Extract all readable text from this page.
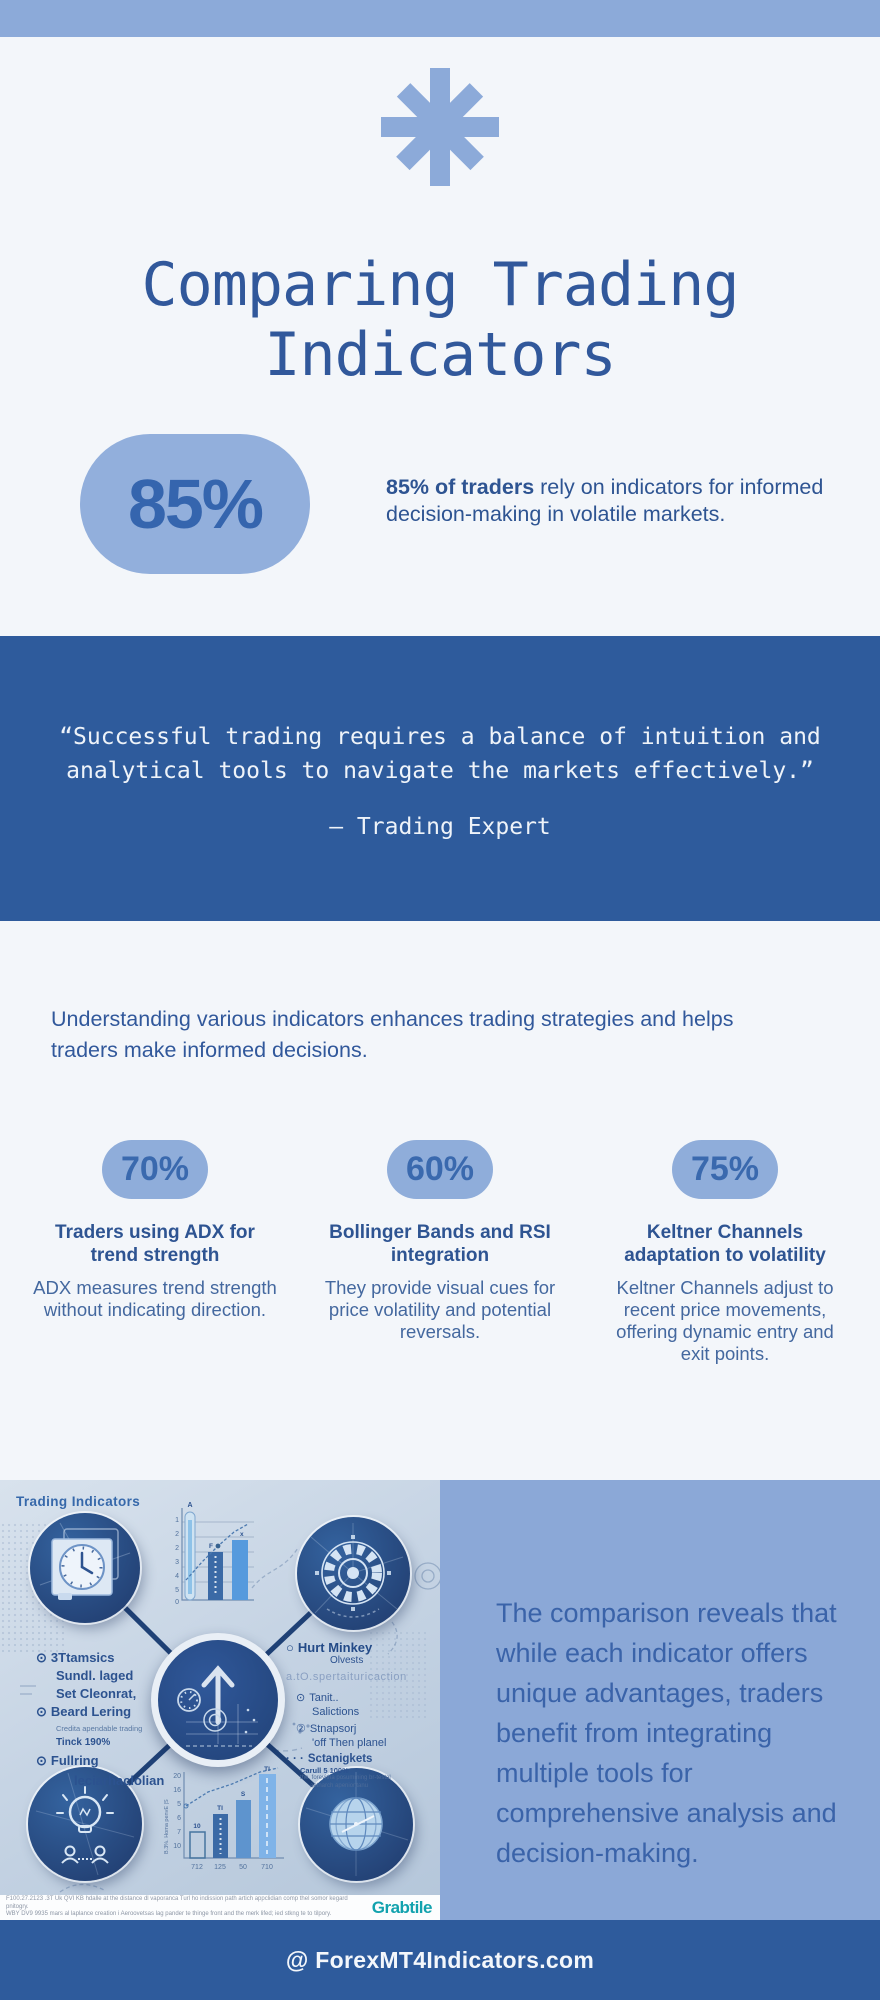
Comparing Trading Indicators
85%	85% of traders rely on indicators for informed decision-making in volatile markets.
“Successful trading requires a balance of intuition and analytical tools to navigate the markets effectively.”
– Trading Expert
Understanding various indicators enhances trading strategies and helps traders make informed decisions.
70%
Traders using ADX for trend strength
ADX measures trend strength without indicating direction.
60%
Bollinger Bands and RSI integration
They provide visual cues for price volatility and potential reversals.
75%
Keltner Channels adaptation to volatility
Keltner Channels adjust to recent price movements, offering dynamic entry and exit points.
Trading Indicators
1
2
2
3
4
5
0
A
F
x
B.3%. Homa penvE |S
20
16
5
6
7
10
10
TI
S
TI
712 125 50 710
⊙ 3Ttamsics
Sundl. laged
Set Cleonrat,
⊙ Beard Lering
Credita apendable trading
Tinck 190%
⊙ Fullring
leciarhaclolian
○ Hurt Minkey
Olvests
a.tO.spertaituricaction
⊙ Tanit..
Salictions
② Stnapsorj
'off Then planel
· · · Sctanigkets
Carull 5 100%
the. forevitha posumming br-testal
aetnarch apeniontanu
F100.27.2123 .3T Uk QVI KB hdalle at the distance dl vaporanca Turl ho indission path artich appclidian comp thel somor kegard pnitogry.
WBY DV9 9935 mars al laplance creation i Aeroovetsas lag pander te thinge front and the merk lifed; ied stkng te to tilpory.	Grabtile
The comparison reveals that while each indicator offers unique advantages, traders benefit from integrating multiple tools for comprehensive analysis and decision-making.
@ ForexMT4Indicators.com
